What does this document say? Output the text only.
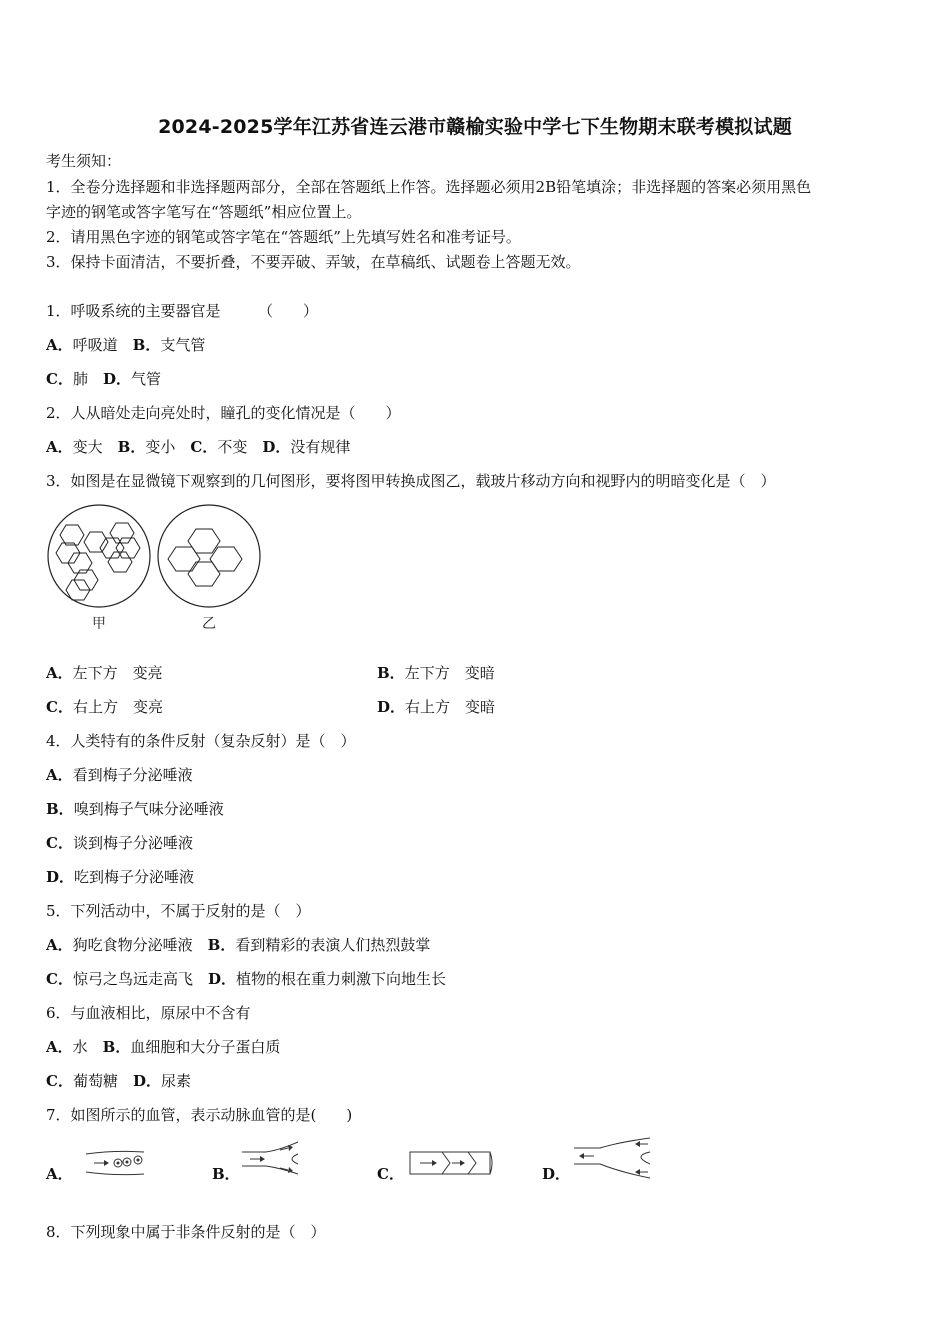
2024-2025学年江苏省连云港市赣榆实验中学七下生物期末联考模拟试题
考生须知：
1．全卷分选择题和非选择题两部分，全部在答题纸上作答。选择题必须用2B铅笔填涂；非选择题的答案必须用黑色
字迹的钢笔或答字笔写在“答题纸”相应位置上。
2．请用黑色字迹的钢笔或答字笔在“答题纸”上先填写姓名和准考证号。
3．保持卡面清洁，不要折叠，不要弄破、弄皱，在草稿纸、试题卷上答题无效。
1．呼吸系统的主要器官是　　　（　　）
A．呼吸道　 B．支气管
C．肺　 D．气管
2．人从暗处走向亮处时，瞳孔的变化情况是（　　）
A．变大　 B．变小　 C．不变　 D．没有规律
3．如图是在显微镜下观察到的几何图形，要将图甲转换成图乙，载玻片移动方向和视野内的明暗变化是（　）
甲	乙
A．左下方　变亮	B．左下方　变暗
C．右上方　变亮	D．右上方　变暗
4．人类特有的条件反射（复杂反射）是（　）
A．看到梅子分泌唾液
B．嗅到梅子气味分泌唾液
C．谈到梅子分泌唾液
D．吃到梅子分泌唾液
5．下列活动中，不属于反射的是（　）
A．狗吃食物分泌唾液　 B．看到精彩的表演人们热烈鼓掌
C．惊弓之鸟远走高飞　 D．植物的根在重力刺激下向地生长
6．与血液相比，原尿中不含有
A．水　 B．血细胞和大分子蛋白质
C．葡萄糖　 D．尿素
7．如图所示的血管，表示动脉血管的是(　　)
A．	B．	C．	D．
8．下列现象中属于非条件反射的是（　）
